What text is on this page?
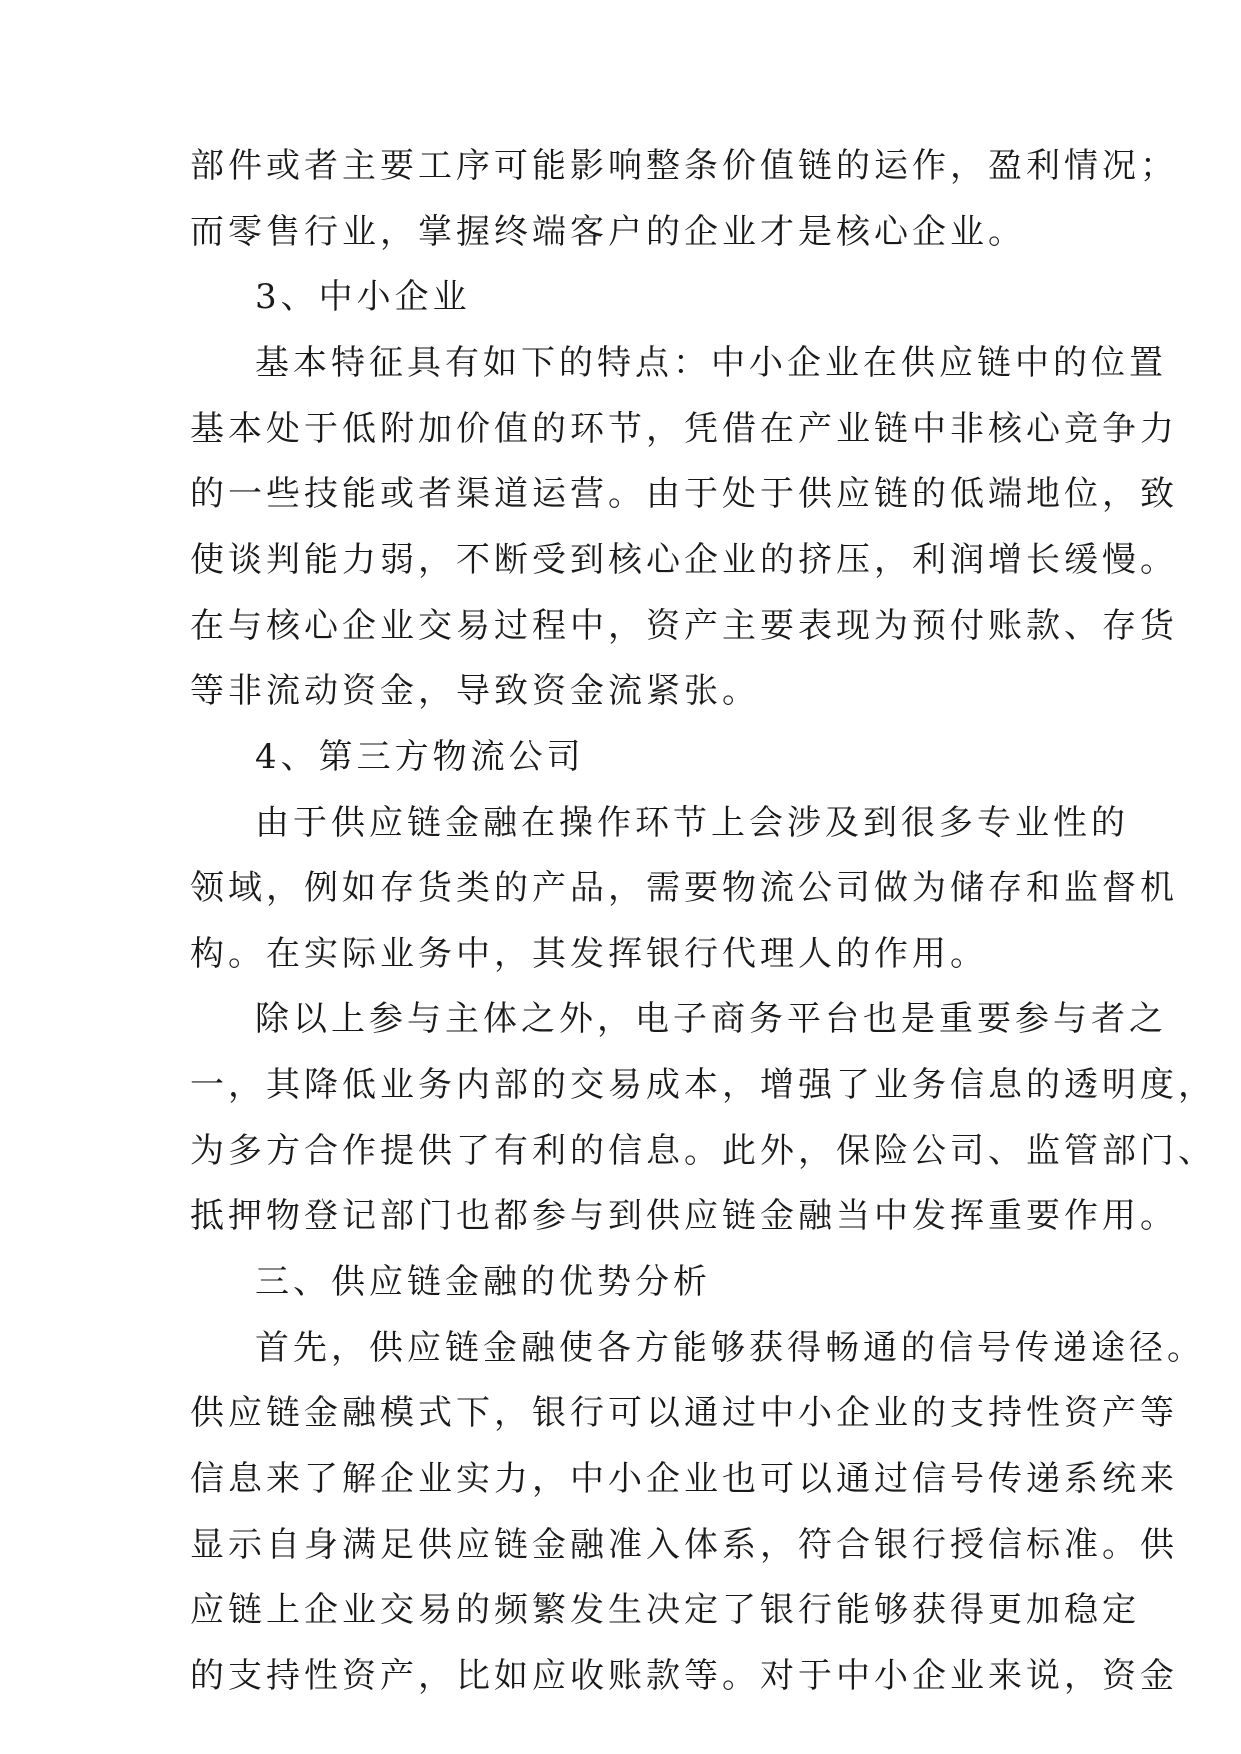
部件或者主要工序可能影响整条价值链的运作，盈利情况；
而零售行业，掌握终端客户的企业才是核心企业。
3、中小企业
基本特征具有如下的特点：中小企业在供应链中的位置
基本处于低附加价值的环节，凭借在产业链中非核心竞争力
的一些技能或者渠道运营。由于处于供应链的低端地位，致
使谈判能力弱，不断受到核心企业的挤压，利润增长缓慢。
在与核心企业交易过程中，资产主要表现为预付账款、存货
等非流动资金，导致资金流紧张。
4、第三方物流公司
由于供应链金融在操作环节上会涉及到很多专业性的
领域，例如存货类的产品，需要物流公司做为储存和监督机
构。在实际业务中，其发挥银行代理人的作用。
除以上参与主体之外，电子商务平台也是重要参与者之
一，其降低业务内部的交易成本，增强了业务信息的透明度，
为多方合作提供了有利的信息。此外，保险公司、监管部门、
抵押物登记部门也都参与到供应链金融当中发挥重要作用。
三、供应链金融的优势分析
首先，供应链金融使各方能够获得畅通的信号传递途径。
供应链金融模式下，银行可以通过中小企业的支持性资产等
信息来了解企业实力，中小企业也可以通过信号传递系统来
显示自身满足供应链金融准入体系，符合银行授信标准。供
应链上企业交易的频繁发生决定了银行能够获得更加稳定
的支持性资产，比如应收账款等。对于中小企业来说，资金
